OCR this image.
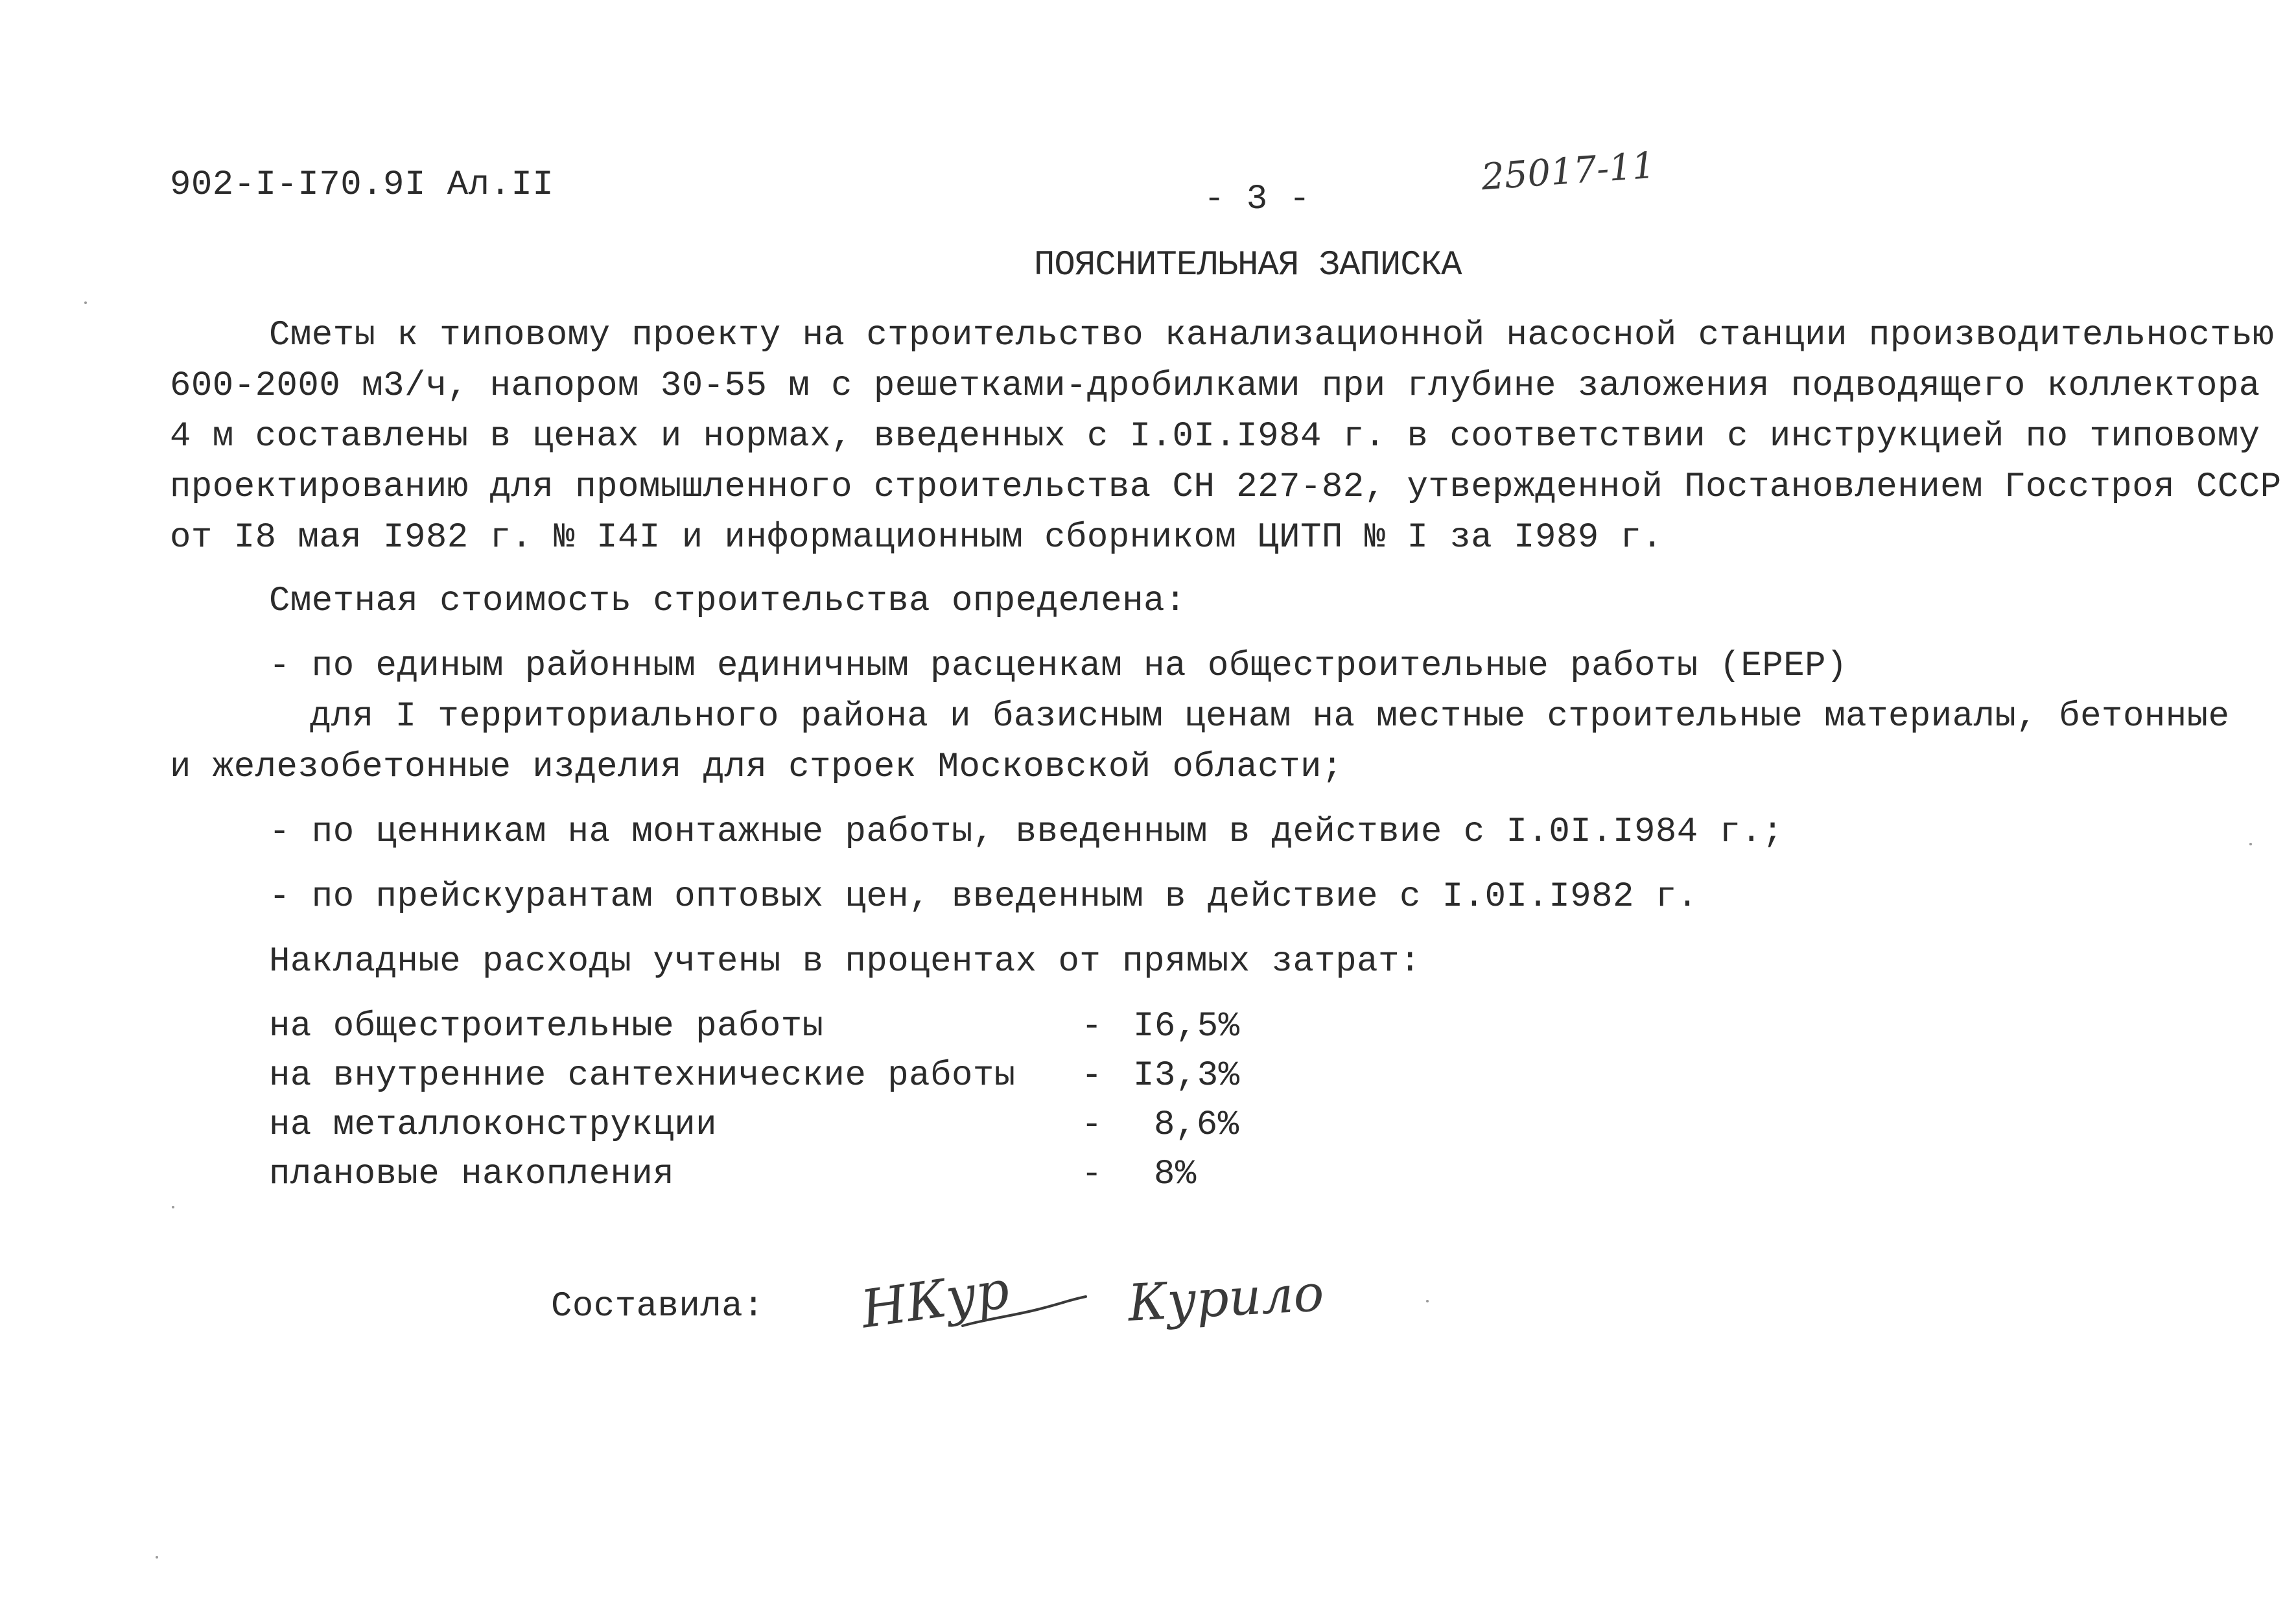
902-I-I70.9I Ал.II	- 3 -
25017-11
ПОЯСНИТЕЛЬНАЯ ЗАПИСКА
Сметы к типовому проекту на строительство канализационной насосной станции производительностью
600-2000 м3/ч, напором 30-55 м с решетками-дробилками при глубине заложения подводящего коллектора
4 м составлены в ценах и нормах, введенных с I.0I.I984 г. в соответствии с инструкцией по типовому
проектированию для промышленного строительства СН 227-82, утвержденной Постановлением Госстроя СССР
от I8 мая I982 г. № I4I и информационным сборником ЦИТП № I за I989 г.
Сметная стоимость строительства определена:
- по единым районным единичным расценкам на общестроительные работы (ЕРЕР)
для I территориального района и базисным ценам на местные строительные материалы, бетонные
и железобетонные изделия для строек Московской области;
- по ценникам на монтажные работы, введенным в действие с I.0I.I984 г.;
- по прейскурантам оптовых цен, введенным в действие с I.0I.I982 г.
Накладные расходы учтены в процентах от прямых затрат:
на общестроительные работы	- I6,5%
на внутренние сантехнические работы - I3,3%
на металлоконструкции	- 8,6%
плановые накопления	- 8%
Составила: НКур Курило
